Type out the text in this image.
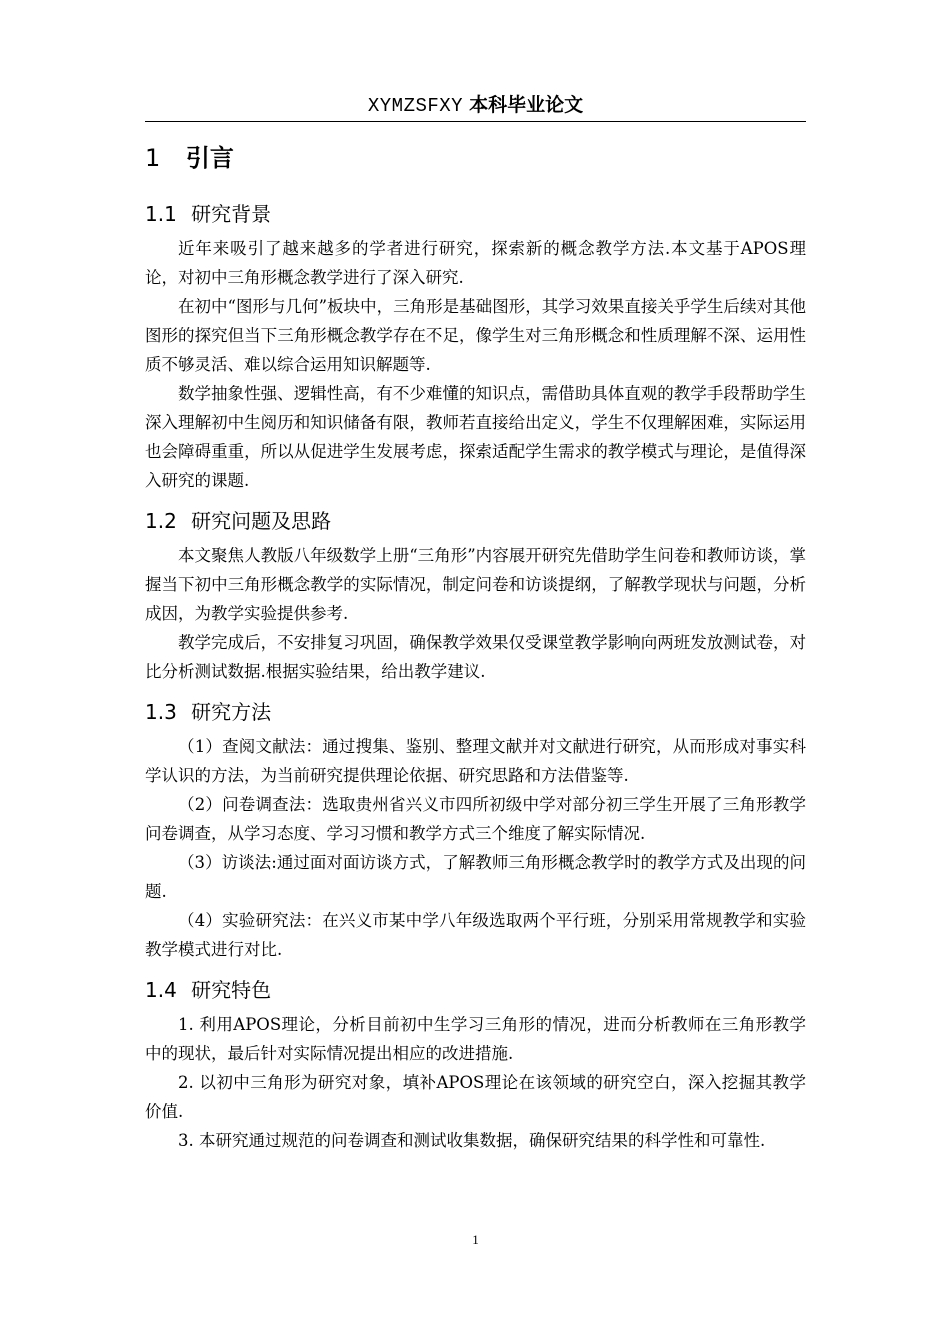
XYMZSFXY 本科毕业论文
1 引言
1.1 研究背景

近年来吸引了越来越多的学者进行研究，探索新的概念教学方法.本文基于APOS理论，对初中三角形概念教学进行了深入研究.

在初中“图形与几何”板块中，三角形是基础图形，其学习效果直接关乎学生后续对其他图形的探究但当下三角形概念教学存在不足，像学生对三角形概念和性质理解不深、运用性质不够灵活、难以综合运用知识解题等.

数学抽象性强、逻辑性高，有不少难懂的知识点，需借助具体直观的教学手段帮助学生深入理解初中生阅历和知识储备有限，教师若直接给出定义，学生不仅理解困难，实际运用也会障碍重重，所以从促进学生发展考虑，探索适配学生需求的教学模式与理论，是值得深入研究的课题.

1.2 研究问题及思路

本文聚焦人教版八年级数学上册“三角形”内容展开研究先借助学生问卷和教师访谈，掌握当下初中三角形概念教学的实际情况，制定问卷和访谈提纲，了解教学现状与问题，分析成因，为教学实验提供参考.

教学完成后，不安排复习巩固，确保教学效果仅受课堂教学影响向两班发放测试卷，对比分析测试数据.根据实验结果，给出教学建议.

1.3 研究方法

（1）查阅文献法：通过搜集、鉴别、整理文献并对文献进行研究，从而形成对事实科学认识的方法，为当前研究提供理论依据、研究思路和方法借鉴等.

（2）问卷调查法：选取贵州省兴义市四所初级中学对部分初三学生开展了三角形教学问卷调查，从学习态度、学习习惯和教学方式三个维度了解实际情况.

（3）访谈法:通过面对面访谈方式，了解教师三角形概念教学时的教学方式及出现的问题.

（4）实验研究法：在兴义市某中学八年级选取两个平行班，分别采用常规教学和实验教学模式进行对比.

1.4 研究特色

1. 利用APOS理论，分析目前初中生学习三角形的情况，进而分析教师在三角形教学中的现状，最后针对实际情况提出相应的改进措施.

2. 以初中三角形为研究对象，填补APOS理论在该领域的研究空白，深入挖掘其教学价值.

3. 本研究通过规范的问卷调查和测试收集数据，确保研究结果的科学性和可靠性.

1
